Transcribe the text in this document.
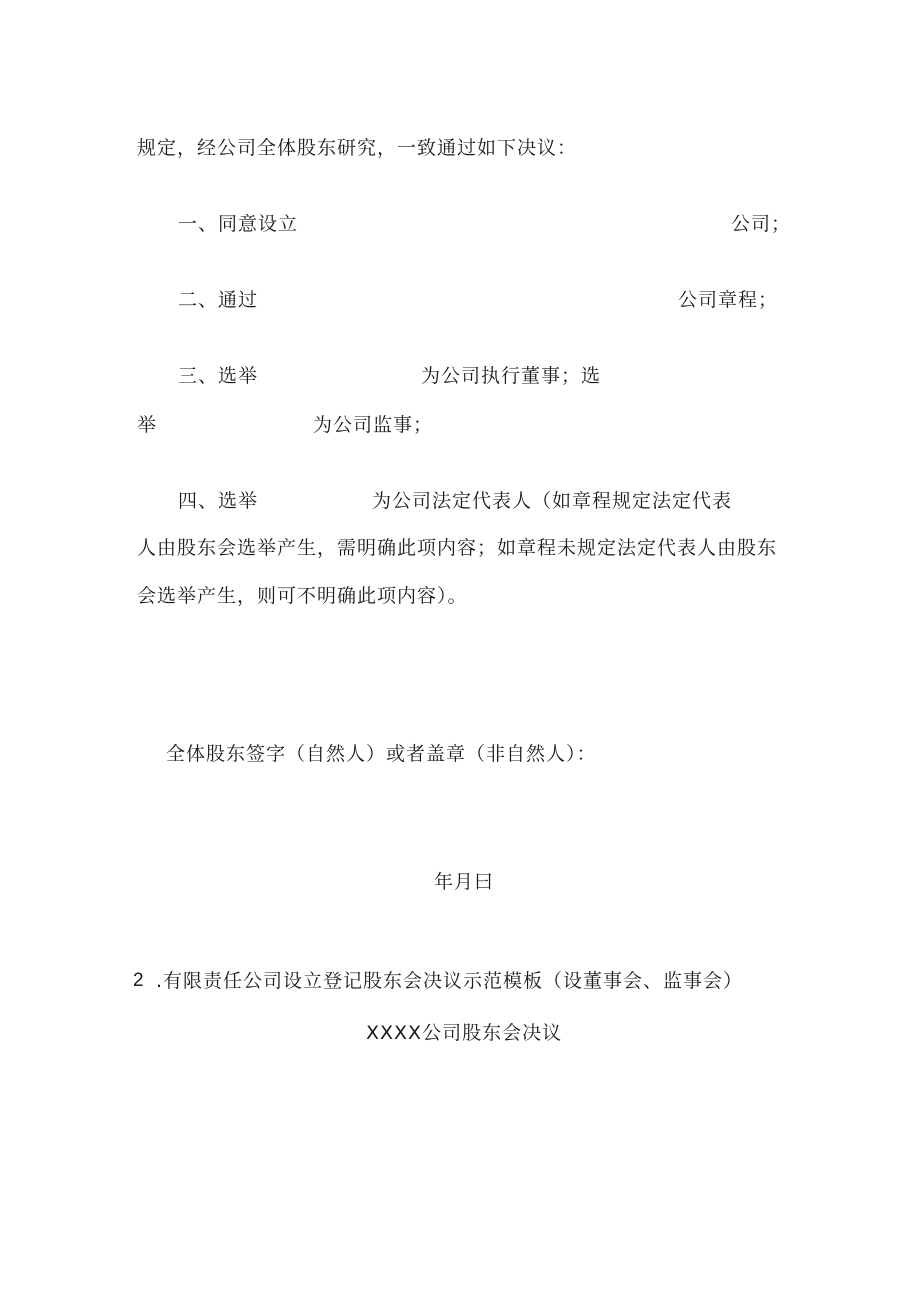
规定，经公司全体股东研究，一致通过如下决议：
一、同意设立	公司；
二、通过	公司章程；
三、选举	为公司执行董事；选
举	为公司监事；
四、选举	为公司法定代表人（如章程规定法定代表
人由股东会选举产生，需明确此项内容；如章程未规定法定代表人由股东
会选举产生，则可不明确此项内容）。
全体股东签字（自然人）或者盖章（非自然人）：
年月曰
2 .有限责任公司设立登记股东会决议示范模板（设董事会、监事会）
XXXX公司股东会决议
